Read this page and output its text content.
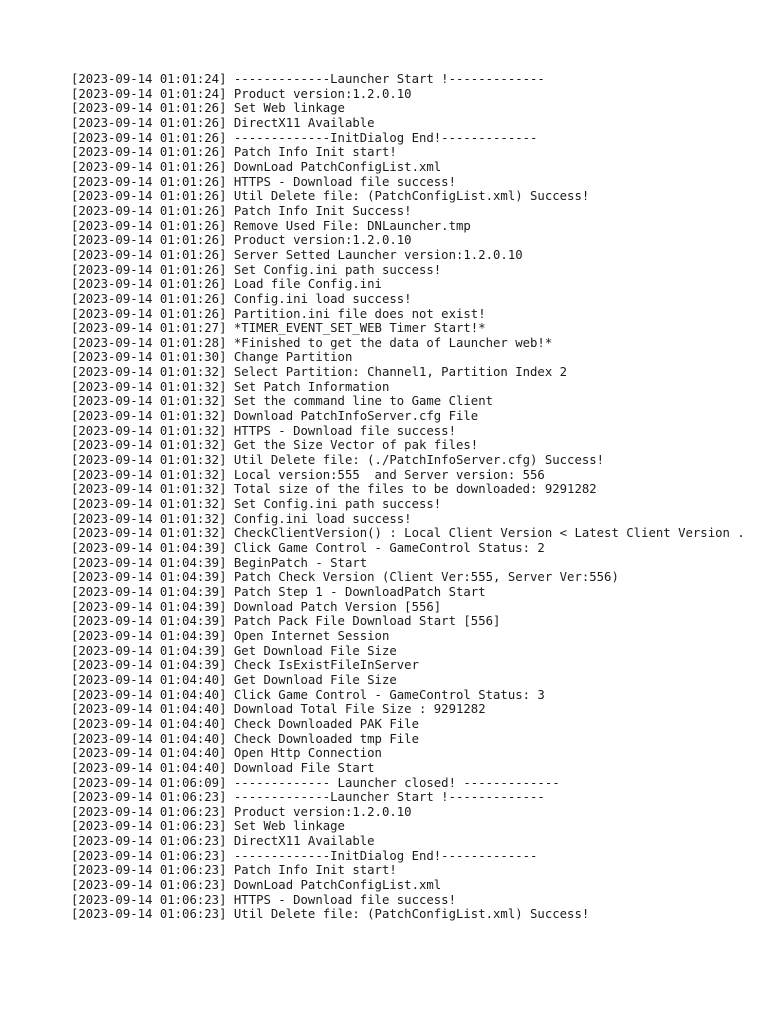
[2023-09-14 01:01:24] -------------Launcher Start !-------------
[2023-09-14 01:01:24] Product version:1.2.0.10
[2023-09-14 01:01:26] Set Web linkage
[2023-09-14 01:01:26] DirectX11 Available
[2023-09-14 01:01:26] -------------InitDialog End!-------------
[2023-09-14 01:01:26] Patch Info Init start!
[2023-09-14 01:01:26] DownLoad PatchConfigList.xml
[2023-09-14 01:01:26] HTTPS - Download file success!
[2023-09-14 01:01:26] Util Delete file: (PatchConfigList.xml) Success!
[2023-09-14 01:01:26] Patch Info Init Success!
[2023-09-14 01:01:26] Remove Used File: DNLauncher.tmp
[2023-09-14 01:01:26] Product version:1.2.0.10
[2023-09-14 01:01:26] Server Setted Launcher version:1.2.0.10
[2023-09-14 01:01:26] Set Config.ini path success!
[2023-09-14 01:01:26] Load file Config.ini
[2023-09-14 01:01:26] Config.ini load success!
[2023-09-14 01:01:26] Partition.ini file does not exist!
[2023-09-14 01:01:27] *TIMER_EVENT_SET_WEB Timer Start!*
[2023-09-14 01:01:28] *Finished to get the data of Launcher web!*
[2023-09-14 01:01:30] Change Partition
[2023-09-14 01:01:32] Select Partition: Channel1, Partition Index 2
[2023-09-14 01:01:32] Set Patch Information
[2023-09-14 01:01:32] Set the command line to Game Client
[2023-09-14 01:01:32] Download PatchInfoServer.cfg File
[2023-09-14 01:01:32] HTTPS - Download file success!
[2023-09-14 01:01:32] Get the Size Vector of pak files!
[2023-09-14 01:01:32] Util Delete file: (./PatchInfoServer.cfg) Success!
[2023-09-14 01:01:32] Local version:555  and Server version: 556
[2023-09-14 01:01:32] Total size of the files to be downloaded: 9291282
[2023-09-14 01:01:32] Set Config.ini path success!
[2023-09-14 01:01:32] Config.ini load success!
[2023-09-14 01:01:32] CheckClientVersion() : Local Client Version < Latest Client Version .
[2023-09-14 01:04:39] Click Game Control - GameControl Status: 2
[2023-09-14 01:04:39] BeginPatch - Start
[2023-09-14 01:04:39] Patch Check Version (Client Ver:555, Server Ver:556)
[2023-09-14 01:04:39] Patch Step 1 - DownloadPatch Start
[2023-09-14 01:04:39] Download Patch Version [556]
[2023-09-14 01:04:39] Patch Pack File Download Start [556]
[2023-09-14 01:04:39] Open Internet Session
[2023-09-14 01:04:39] Get Download File Size
[2023-09-14 01:04:39] Check IsExistFileInServer
[2023-09-14 01:04:40] Get Download File Size
[2023-09-14 01:04:40] Click Game Control - GameControl Status: 3
[2023-09-14 01:04:40] Download Total File Size : 9291282
[2023-09-14 01:04:40] Check Downloaded PAK File
[2023-09-14 01:04:40] Check Downloaded tmp File
[2023-09-14 01:04:40] Open Http Connection
[2023-09-14 01:04:40] Download File Start
[2023-09-14 01:06:09] ------------- Launcher closed! -------------
[2023-09-14 01:06:23] -------------Launcher Start !-------------
[2023-09-14 01:06:23] Product version:1.2.0.10
[2023-09-14 01:06:23] Set Web linkage
[2023-09-14 01:06:23] DirectX11 Available
[2023-09-14 01:06:23] -------------InitDialog End!-------------
[2023-09-14 01:06:23] Patch Info Init start!
[2023-09-14 01:06:23] DownLoad PatchConfigList.xml
[2023-09-14 01:06:23] HTTPS - Download file success!
[2023-09-14 01:06:23] Util Delete file: (PatchConfigList.xml) Success!
